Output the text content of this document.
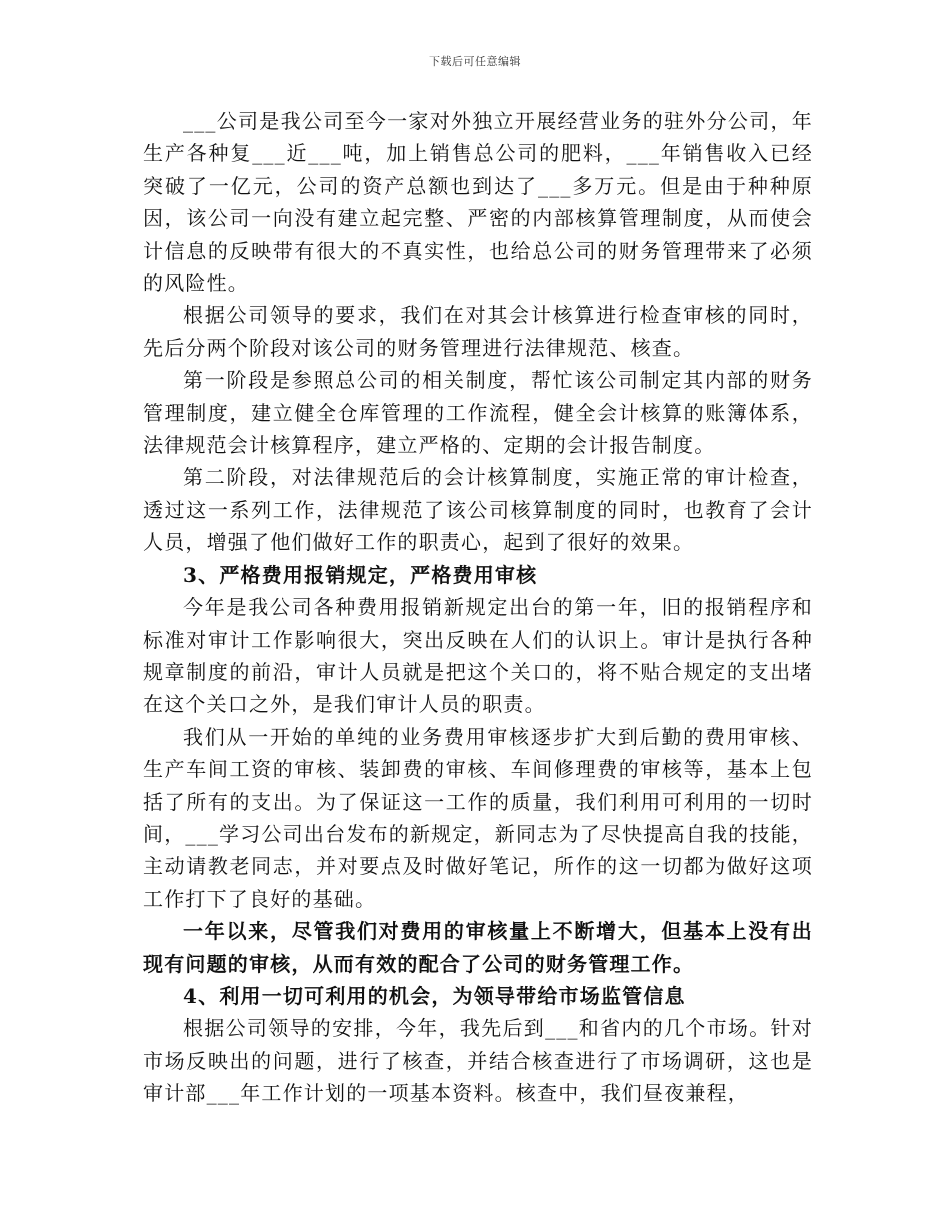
下载后可任意编辑

___公司是我公司至今一家对外独立开展经营业务的驻外分公司，年生产各种复___近___吨，加上销售总公司的肥料，___年销售收入已经突破了一亿元，公司的资产总额也到达了___多万元。但是由于种种原因，该公司一向没有建立起完整、严密的内部核算管理制度，从而使会计信息的反映带有很大的不真实性，也给总公司的财务管理带来了必须的风险性。

根据公司领导的要求，我们在对其会计核算进行检查审核的同时，先后分两个阶段对该公司的财务管理进行法律规范、核查。

第一阶段是参照总公司的相关制度，帮忙该公司制定其内部的财务管理制度，建立健全仓库管理的工作流程，健全会计核算的账簿体系，法律规范会计核算程序，建立严格的、定期的会计报告制度。

第二阶段，对法律规范后的会计核算制度，实施正常的审计检查，透过这一系列工作，法律规范了该公司核算制度的同时，也教育了会计人员，增强了他们做好工作的职责心，起到了很好的效果。

3、严格费用报销规定，严格费用审核

今年是我公司各种费用报销新规定出台的第一年，旧的报销程序和标准对审计工作影响很大，突出反映在人们的认识上。审计是执行各种规章制度的前沿，审计人员就是把这个关口的，将不贴合规定的支出堵在这个关口之外，是我们审计人员的职责。

我们从一开始的单纯的业务费用审核逐步扩大到后勤的费用审核、生产车间工资的审核、装卸费的审核、车间修理费的审核等，基本上包括了所有的支出。为了保证这一工作的质量，我们利用可利用的一切时间，___学习公司出台发布的新规定，新同志为了尽快提高自我的技能，主动请教老同志，并对要点及时做好笔记，所作的这一切都为做好这项工作打下了良好的基础。

一年以来，尽管我们对费用的审核量上不断增大，但基本上没有出现有问题的审核，从而有效的配合了公司的财务管理工作。

4、利用一切可利用的机会，为领导带给市场监管信息

根据公司领导的安排，今年，我先后到___和省内的几个市场。针对市场反映出的问题，进行了核查，并结合核查进行了市场调研，这也是审计部___年工作计划的一项基本资料。核查中，我们昼夜兼程，
